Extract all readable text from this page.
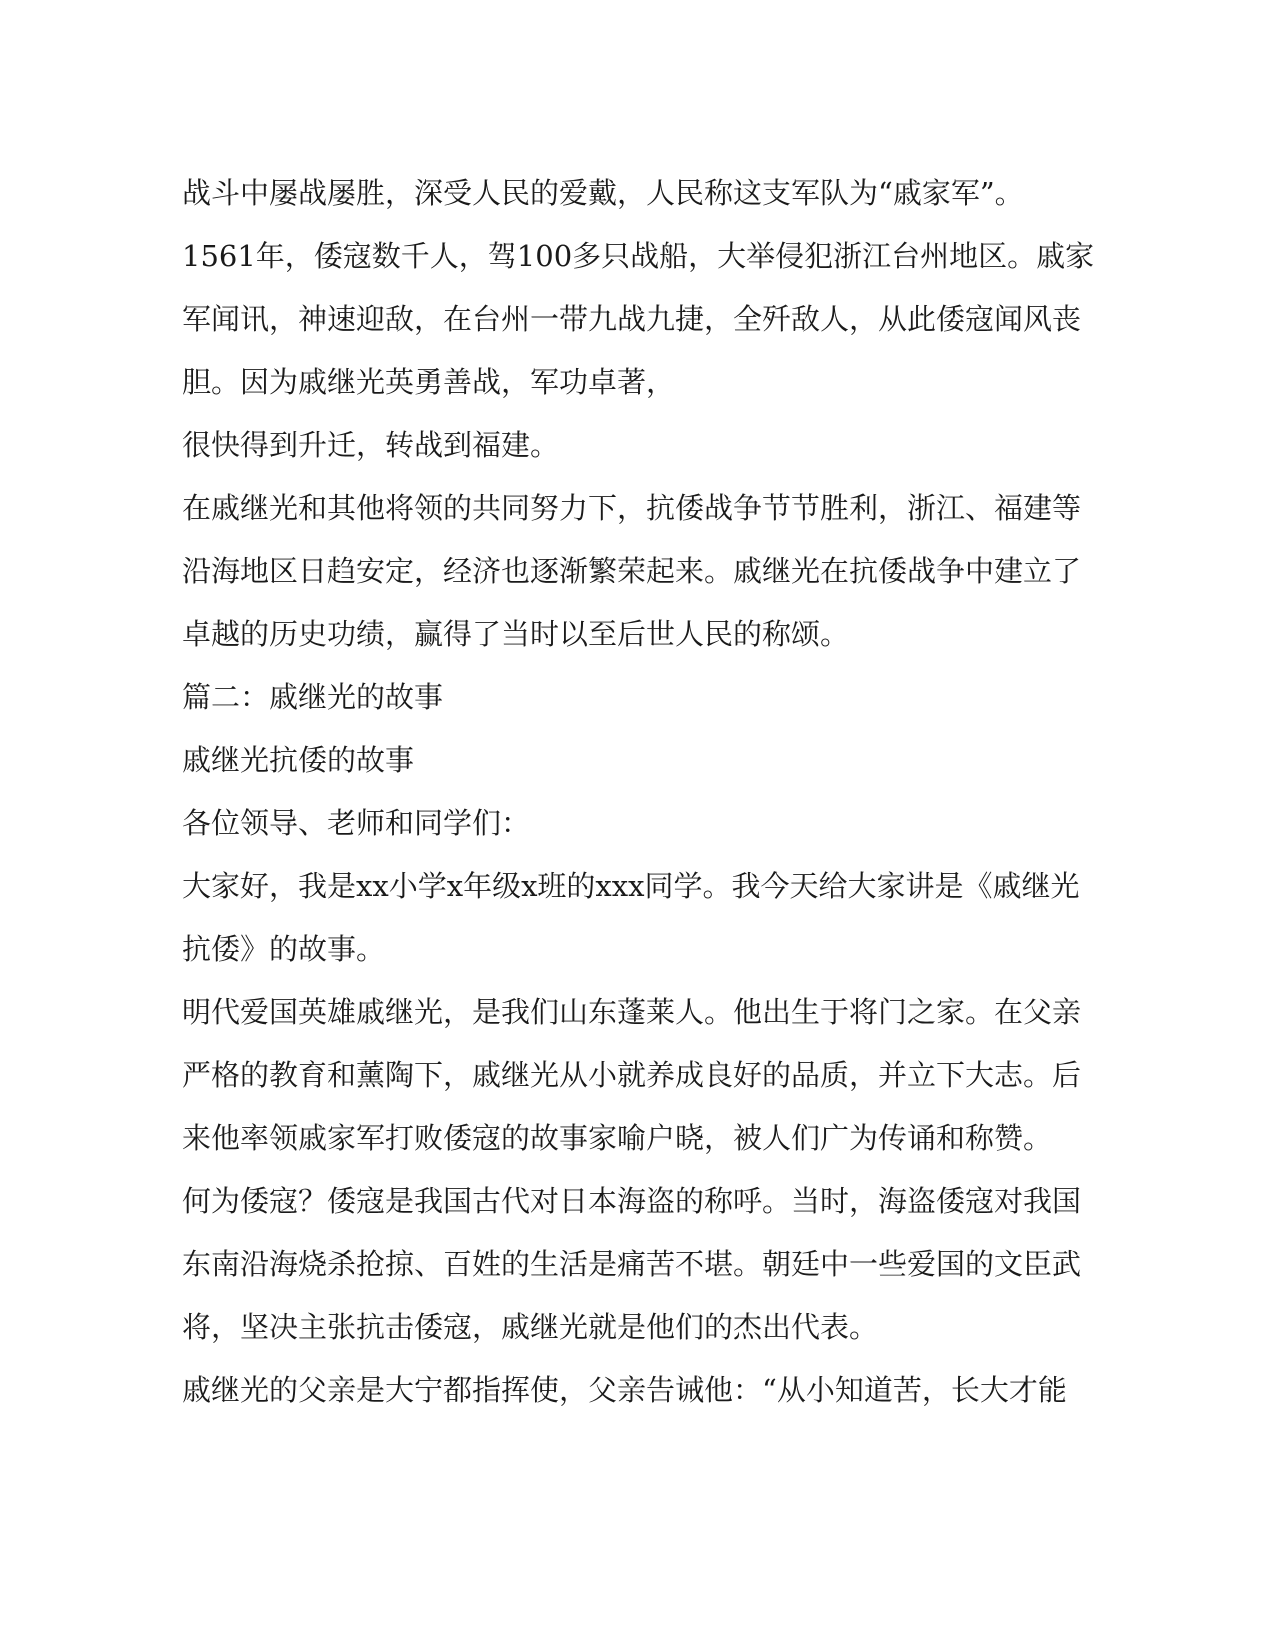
战斗中屡战屡胜，深受人民的爱戴，人民称这支军队为“戚家军”。
1561年，倭寇数千人，驾100多只战船，大举侵犯浙江台州地区。戚家
军闻讯，神速迎敌，在台州一带九战九捷，全歼敌人，从此倭寇闻风丧
胆。因为戚继光英勇善战，军功卓著，
很快得到升迁，转战到福建。
在戚继光和其他将领的共同努力下，抗倭战争节节胜利，浙江、福建等
沿海地区日趋安定，经济也逐渐繁荣起来。戚继光在抗倭战争中建立了
卓越的历史功绩，赢得了当时以至后世人民的称颂。
篇二：戚继光的故事
戚继光抗倭的故事
各位领导、老师和同学们：
大家好，我是xx小学x年级x班的xxx同学。我今天给大家讲是《戚继光
抗倭》的故事。
明代爱国英雄戚继光，是我们山东蓬莱人。他出生于将门之家。在父亲
严格的教育和薰陶下，戚继光从小就养成良好的品质，并立下大志。后
来他率领戚家军打败倭寇的故事家喻户晓，被人们广为传诵和称赞。
何为倭寇？倭寇是我国古代对日本海盗的称呼。当时，海盗倭寇对我国
东南沿海烧杀抢掠、百姓的生活是痛苦不堪。朝廷中一些爱国的文臣武
将，坚决主张抗击倭寇，戚继光就是他们的杰出代表。
戚继光的父亲是大宁都指挥使，父亲告诫他：“从小知道苦，长大才能
